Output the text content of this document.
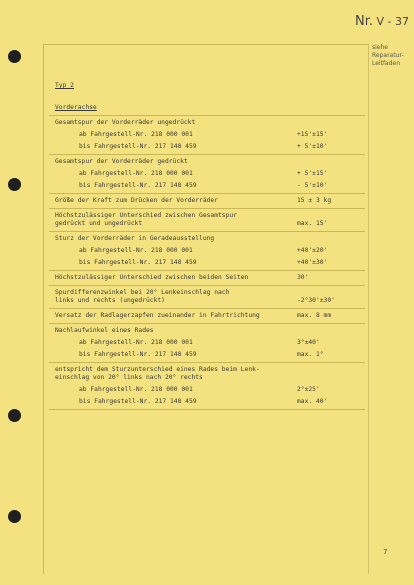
Nr. V - 37
siehe
Reparatur-
Leitfaden
Typ 2
Vorderachse
Gesamtspur der Vorderräder ungedrückt
ab Fahrgestell-Nr. 218 000 001	+15'±15'
bis Fahrgestell-Nr. 217 148 459	+ 5'±10'
Gesamtspur der Vorderräder gedrückt
ab Fahrgestell-Nr. 218 000 001	+ 5'±15'
bis Fahrgestell-Nr. 217 148 459	- 5'±10'
Größe der Kraft zum Drücken der Vorderräder	15 ± 3 kg
Höchstzulässiger Unterschied zwischen Gesamtspur
gedrückt und ungedrückt	max. 15'
Sturz der Vorderräder in Geradeausstellung
ab Fahrgestell-Nr. 218 000 001	+40'±20'
bis Fahrgestell-Nr. 217 148 459	+40'±30'
Höchstzulässiger Unterschied zwischen beiden Seiten	30'
Spurdifferenzwinkel bei 20° Lenkeinschlag nach
links und rechts (ungedrückt)	-2°30'±30'
Versatz der Radlagerzapfen zueinander in Fahrtrichtung	max. 8 mm
Nachlaufwinkel eines Rades
ab Fahrgestell-Nr. 218 000 001	3°±40'
bis Fahrgestell-Nr. 217 148 459	max. 1°
entspricht dem Sturzunterschied eines Rades beim Lenk-
einschlag von 20° links nach 20° rechts
ab Fahrgestell-Nr. 218 000 001	2°±25'
bis Fahrgestell-Nr. 217 148 459	max. 40'
7
